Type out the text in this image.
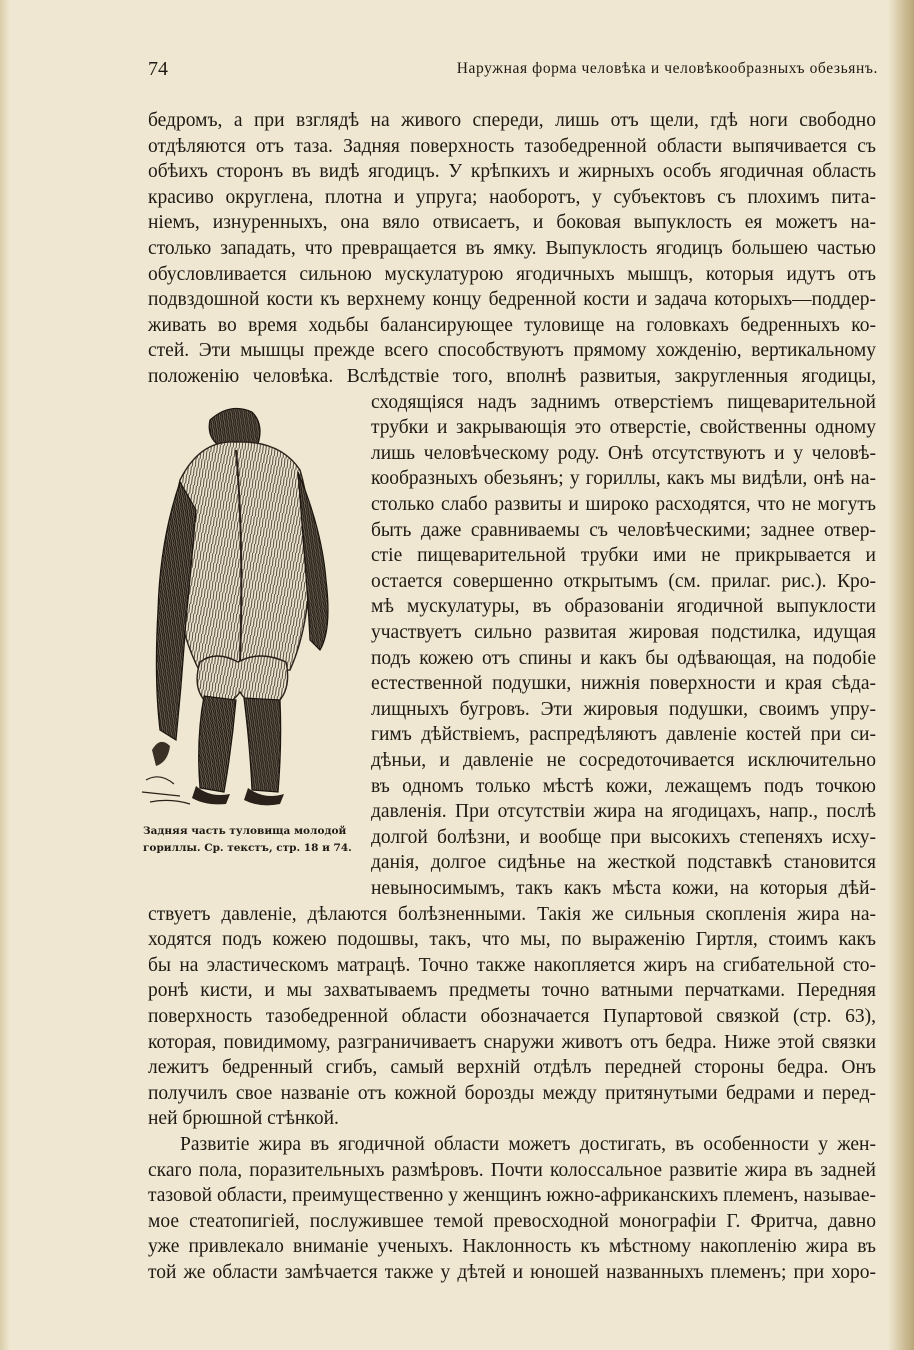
74	Наружная форма человѣка и человѣкообразныхъ обезьянъ.
Задняя часть туловища молодой
гориллы. Ср. текстъ, стр. 18 и 74.

бедромъ, а при взглядѣ на живого спереди, лишь отъ щели, гдѣ ноги свободно

отдѣляются отъ таза. Задняя поверхность тазобедренной области выпячивается съ

обѣихъ сторонъ въ видѣ ягодицъ. У крѣпкихъ и жирныхъ особъ ягодичная область

красиво округлена, плотна и упруга; наоборотъ, у субъектовъ съ плохимъ пита-

ніемъ, изнуренныхъ, она вяло отвисаетъ, и боковая выпуклость ея можетъ на-

столько западать, что превращается въ ямку. Выпуклость ягодицъ большею частью

обусловливается сильною мускулатурою ягодичныхъ мышцъ, которыя идутъ отъ

подвздошной кости къ верхнему концу бедренной кости и задача которыхъ—поддер-

живать во время ходьбы балансирующее туловище на головкахъ бедренныхъ ко-

стей. Эти мышцы прежде всего способствуютъ прямому хожденію, вертикальному

положенію человѣка. Вслѣдствіе того, вполнѣ развитыя, закругленныя ягодицы,

сходящіяся надъ заднимъ отверстіемъ пищеварительной

трубки и закрывающія это отверстіе, свойственны одному

лишь человѣческому роду. Онѣ отсутствуютъ и у человѣ-

кообразныхъ обезьянъ; у гориллы, какъ мы видѣли, онѣ на-

столько слабо развиты и широко расходятся, что не могутъ

быть даже сравниваемы съ человѣческими; заднее отвер-

стіе пищеварительной трубки ими не прикрывается и

остается совершенно открытымъ (см. прилаг. рис.). Кро-

мѣ мускулатуры, въ образованіи ягодичной выпуклости

участвуетъ сильно развитая жировая подстилка, идущая

подъ кожею отъ спины и какъ бы одѣвающая, на подобіе

естественной подушки, нижнія поверхности и края сѣда-

лищныхъ бугровъ. Эти жировыя подушки, своимъ упру-

гимъ дѣйствіемъ, распредѣляютъ давленіе костей при си-

дѣньи, и давленіе не сосредоточивается исключительно

въ одномъ только мѣстѣ кожи, лежащемъ подъ точкою

давленія. При отсутствіи жира на ягодицахъ, напр., послѣ

долгой болѣзни, и вообще при высокихъ степеняхъ исху-

данія, долгое сидѣнье на жесткой подставкѣ становится

невыносимымъ, такъ какъ мѣста кожи, на которыя дѣй-

ствуетъ давленіе, дѣлаются болѣзненными. Такія же сильныя скопленія жира на-

ходятся подъ кожею подошвы, такъ, что мы, по выраженію Гиртля, стоимъ какъ

бы на эластическомъ матрацѣ. Точно также накопляется жиръ на сгибательной сто-

ронѣ кисти, и мы захватываемъ предметы точно ватными перчатками. Передняя

поверхность тазобедренной области обозначается Пупартовой связкой (стр. 63),

которая, повидимому, разграничиваетъ снаружи животъ отъ бедра. Ниже этой связки

лежитъ бедренный сгибъ, самый верхній отдѣлъ передней стороны бедра. Онъ

получилъ свое названіе отъ кожной борозды между притянутыми бедрами и перед-

ней брюшной стѣнкой.

Развитіе жира въ ягодичной области можетъ достигать, въ особенности у жен-

скаго пола, поразительныхъ размѣровъ. Почти колоссальное развитіе жира въ задней

тазовой области, преимущественно у женщинъ южно-африканскихъ племенъ, называе-

мое стеатопигіей, послужившее темой превосходной монографіи Г. Фритча, давно

уже привлекало вниманіе ученыхъ. Наклонность къ мѣстному накопленію жира въ

той же области замѣчается также у дѣтей и юношей названныхъ племенъ; при хоро-
